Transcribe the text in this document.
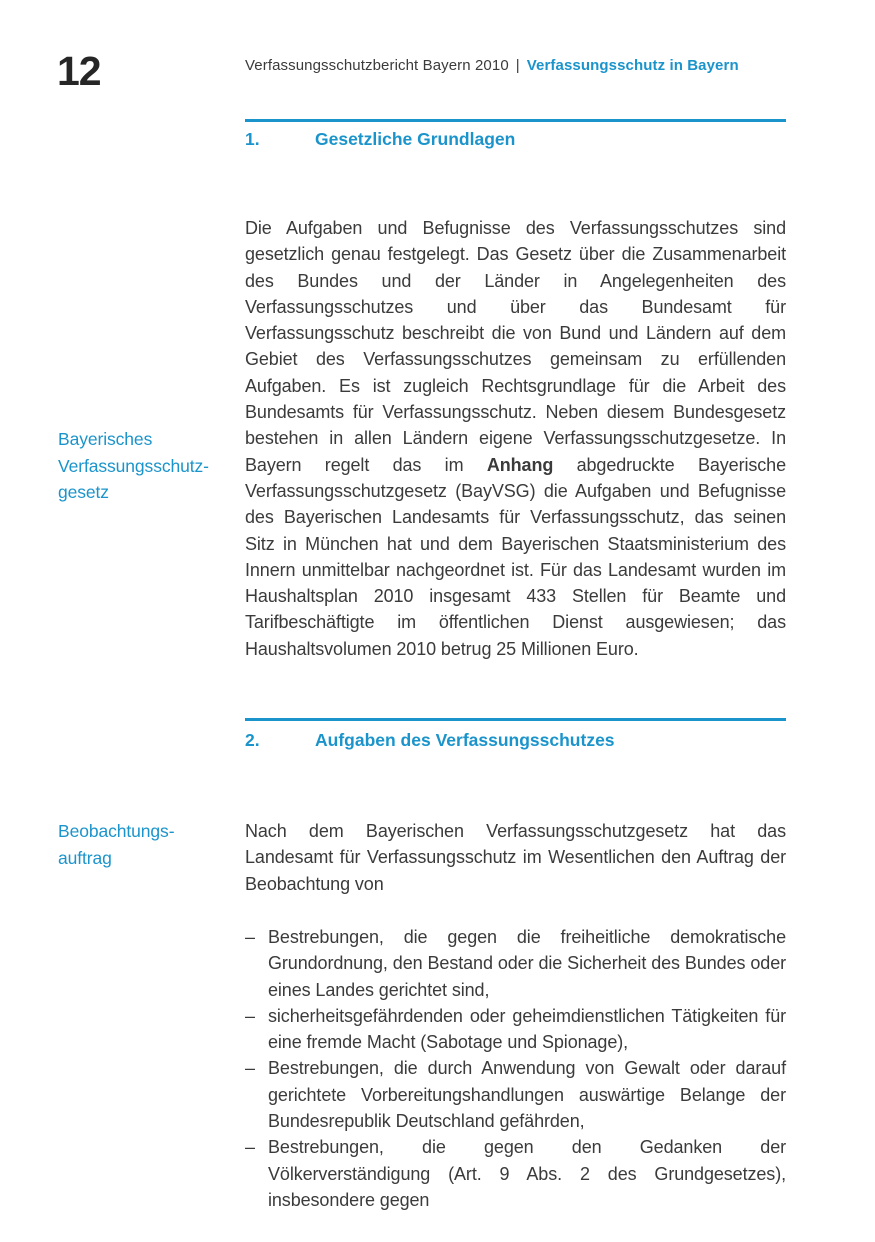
12	Verfassungsschutzbericht Bayern 2010 | Verfassungsschutz in Bayern
1.	Gesetzliche Grundlagen
Bayerisches
Verfassungsschutz-
gesetz

Die Aufgaben und Befugnisse des Verfassungsschutzes sind gesetzlich genau festgelegt. Das Gesetz über die Zusammenarbeit des Bundes und der Länder in Angelegenheiten des Verfassungsschutzes und über das Bundesamt für Verfassungsschutz beschreibt die von Bund und Ländern auf dem Gebiet des Verfassungsschutzes gemeinsam zu erfüllenden Aufgaben. Es ist zugleich Rechtsgrundlage für die Arbeit des Bundesamts für Verfassungsschutz. Neben diesem Bundesgesetz bestehen in allen Ländern eigene Verfassungsschutzgesetze. In Bayern regelt das im Anhang abgedruckte Bayerische Verfassungsschutzgesetz (BayVSG) die Aufgaben und Befugnisse des Bayerischen Landesamts für Verfassungsschutz, das seinen Sitz in München hat und dem Bayerischen Staatsministerium des Innern unmittelbar nachgeordnet ist. Für das Landesamt wurden im Haushaltsplan 2010 insgesamt 433 Stellen für Beamte und Tarifbeschäftigte im öffentlichen Dienst ausgewiesen; das Haushaltsvolumen 2010 betrug 25 Millionen Euro.

2.	Aufgaben des Verfassungsschutzes
Beobachtungs-
auftrag

Nach dem Bayerischen Verfassungsschutzgesetz hat das Landesamt für Verfassungsschutz im Wesentlichen den Auftrag der Beobachtung von

– Bestrebungen, die gegen die freiheitliche demokratische Grundordnung, den Bestand oder die Sicherheit des Bundes oder eines Landes gerichtet sind,
– sicherheitsgefährdenden oder geheimdienstlichen Tätigkeiten für eine fremde Macht (Sabotage und Spionage),
– Bestrebungen, die durch Anwendung von Gewalt oder darauf gerichtete Vorbereitungshandlungen auswärtige Belange der Bundesrepublik Deutschland gefährden,
– Bestrebungen, die gegen den Gedanken der Völkerverständigung (Art. 9 Abs. 2 des Grundgesetzes), insbesondere gegen
